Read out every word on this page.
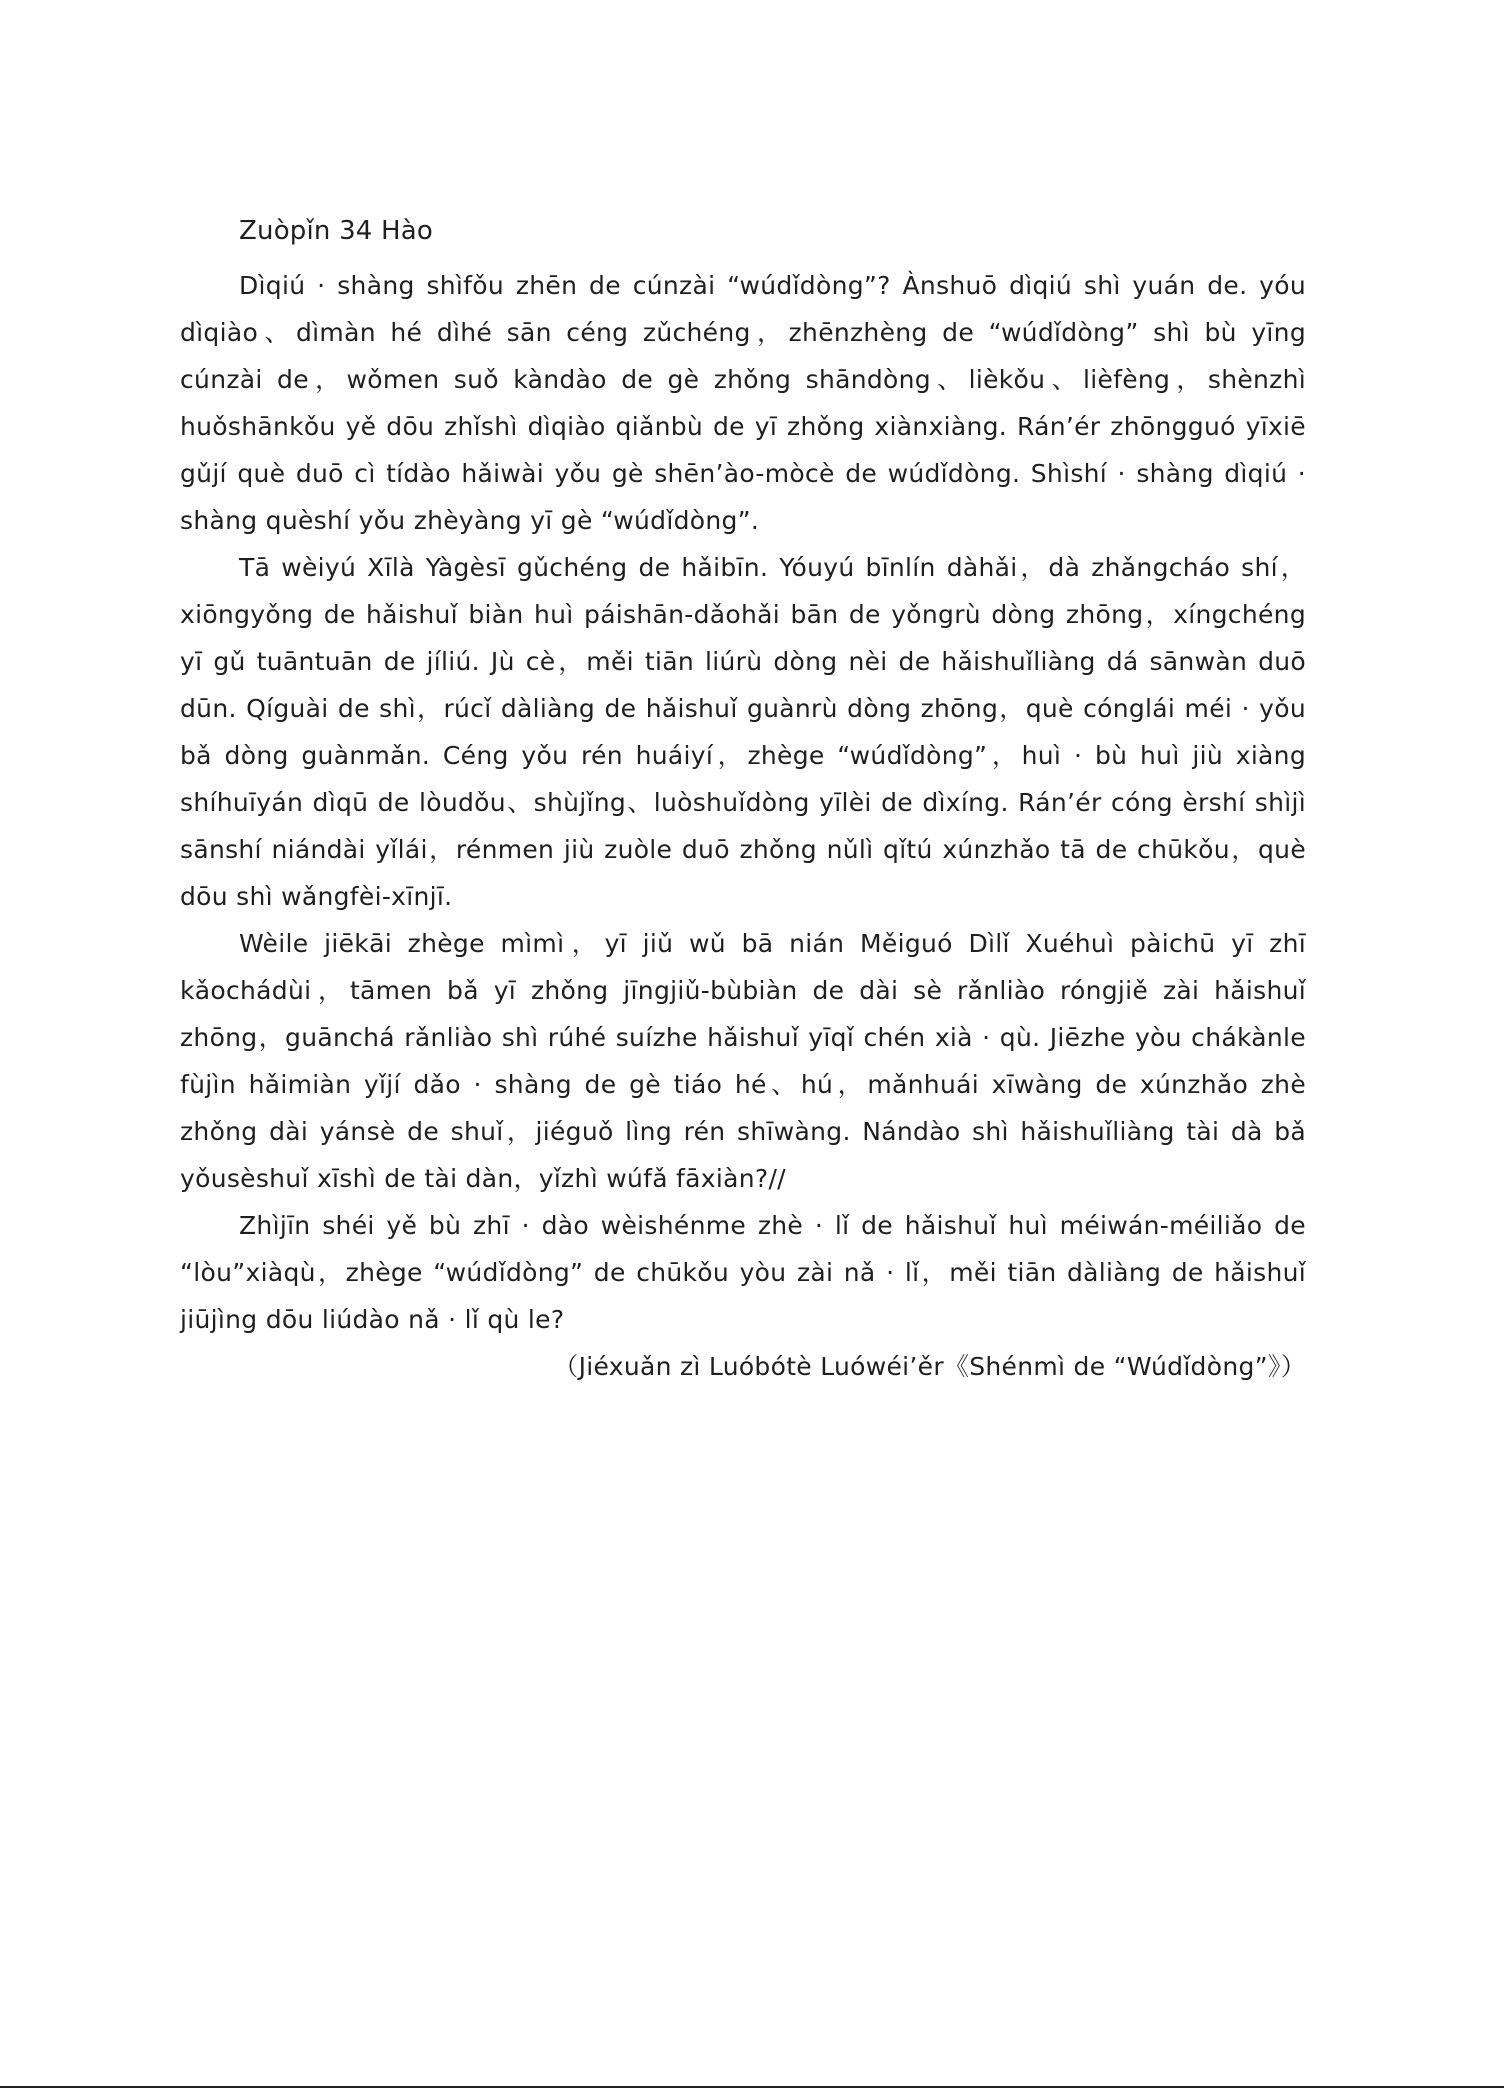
Zuòpǐn 34 Hào

Dìqiú · shàng shìfǒu zhēn de cúnzài “wúdǐdòng”? Ànshuō dìqiú shì yuán de. yóu dìqiào、dìmàn hé dìhé sān céng zǔchéng，zhēnzhèng de “wúdǐdòng” shì bù yīng cúnzài de，wǒmen suǒ kàndào de gè zhǒng shāndòng、lièkǒu、lièfèng，shènzhì huǒshānkǒu yě dōu zhǐshì dìqiào qiǎnbù de yī zhǒng xiànxiàng. Rán’ér zhōngguó yīxiē gǔjí què duō cì tídào hǎiwài yǒu gè shēn’ào-mòcè de wúdǐdòng. Shìshí · shàng dìqiú · shàng quèshí yǒu zhèyàng yī gè “wúdǐdòng”.

Tā wèiyú Xīlà Yàgèsī gǔchéng de hǎibīn. Yóuyú bīnlín dàhǎi，dà zhǎngcháo shí，xiōngyǒng de hǎishuǐ biàn huì páishān-dǎohǎi bān de yǒngrù dòng zhōng，xíngchéng yī gǔ tuāntuān de jíliú. Jù cè，měi tiān liúrù dòng nèi de hǎishuǐliàng dá sānwàn duō dūn. Qíguài de shì，rúcǐ dàliàng de hǎishuǐ guànrù dòng zhōng，què cónglái méi · yǒu bǎ dòng guànmǎn. Céng yǒu rén huáiyí，zhège “wúdǐdòng”，huì · bù huì jiù xiàng shíhuīyán dìqū de lòudǒu、shùjǐng、luòshuǐdòng yīlèi de dìxíng. Rán’ér cóng èrshí shìjì sānshí niándài yǐlái，rénmen jiù zuòle duō zhǒng nǔlì qǐtú xúnzhǎo tā de chūkǒu，què dōu shì wǎngfèi-xīnjī.

Wèile jiēkāi zhège mìmì，yī jiǔ wǔ bā nián Měiguó Dìlǐ Xuéhuì pàichū yī zhī kǎochádùi，tāmen bǎ yī zhǒng jīngjiǔ-bùbiàn de dài sè rǎnliào róngjiě zài hǎishuǐ zhōng，guānchá rǎnliào shì rúhé suízhe hǎishuǐ yīqǐ chén xià · qù. Jiēzhe yòu chákànle fùjìn hǎimiàn yǐjí dǎo · shàng de gè tiáo hé、hú，mǎnhuái xīwàng de xúnzhǎo zhè zhǒng dài yánsè de shuǐ，jiéguǒ lìng rén shīwàng. Nándào shì hǎishuǐliàng tài dà bǎ yǒusèshuǐ xīshì de tài dàn，yǐzhì wúfǎ fāxiàn?//

Zhìjīn shéi yě bù zhī · dào wèishénme zhè · lǐ de hǎishuǐ huì méiwán-méiliǎo de “lòu”xiàqù，zhège “wúdǐdòng” de chūkǒu yòu zài nǎ · lǐ，měi tiān dàliàng de hǎishuǐ jiūjìng dōu liúdào nǎ · lǐ qù le?

（Jiéxuǎn zì Luóbótè Luówéi’ěr《Shénmì de “Wúdǐdòng”》）
